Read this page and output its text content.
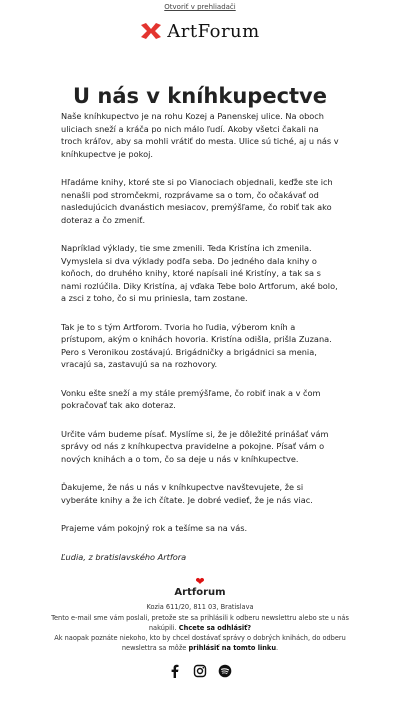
Otvoriť v prehliadači
ArtForum
U nás v kníhkupectve

Naše kníhkupectvo je na rohu Kozej a Panenskej ulice. Na oboch uliciach sneží a kráča po nich málo ľudí. Akoby všetci čakali na troch kráľov, aby sa mohli vrátiť do mesta. Ulice sú tiché, aj u nás v kníhkupectve je pokoj.

Hľadáme knihy, ktoré ste si po Vianociach objednali, keďže ste ich nenašli pod stromčekmi, rozprávame sa o tom, čo očakávať od nasledujúcich dvanástich mesiacov, premýšľame, čo robiť tak ako doteraz a čo zmeniť.

Napríklad výklady, tie sme zmenili. Teda Kristína ich zmenila. Vymyslela si dva výklady podľa seba. Do jedného dala knihy o koňoch, do druhého knihy, ktoré napísali iné Kristíny, a tak sa s nami rozlúčila. Diky Kristína, aj vďaka Tebe bolo Artforum, aké bolo, a zsci z toho, čo si mu priniesla, tam zostane.

Tak je to s tým Artforom. Tvoria ho ľudia, výberom kníh a prístupom, akým o knihách hovoria. Kristína odišla, prišla Zuzana. Pero s Veronikou zostávajú. Brigádničky a brigádnici sa menia, vracajú sa, zastavujú sa na rozhovory.

Vonku ešte sneží a my stále premýšľame, čo robiť inak a v čom pokračovať tak ako doteraz.

Určite vám budeme písať. Myslíme si, že je dôležité prinášať vám správy od nás z kníhkupectva pravidelne a pokojne. Písať vám o nových knihách a o tom, čo sa deje u nás v kníhkupectve.

Ďakujeme, že nás u nás v kníhkupectve navštevujete, že si vyberáte knihy a že ich čítate. Je dobré vedieť, že je nás viac.

Prajeme vám pokojný rok a tešíme sa na vás.

Ľudia, z bratislavského Artfora

❤
Artforum
Kozia 611/20, 811 03, Bratislava
Tento e-mail sme vám poslali, pretože ste sa prihlásili k odberu newslettru alebo ste u nás nakúpili. Chcete sa odhlásiť?
Ak naopak poznáte niekoho, kto by chcel dostávať správy o dobrých knihách, do odberu newslettra sa môže prihlásiť na tomto linku.
